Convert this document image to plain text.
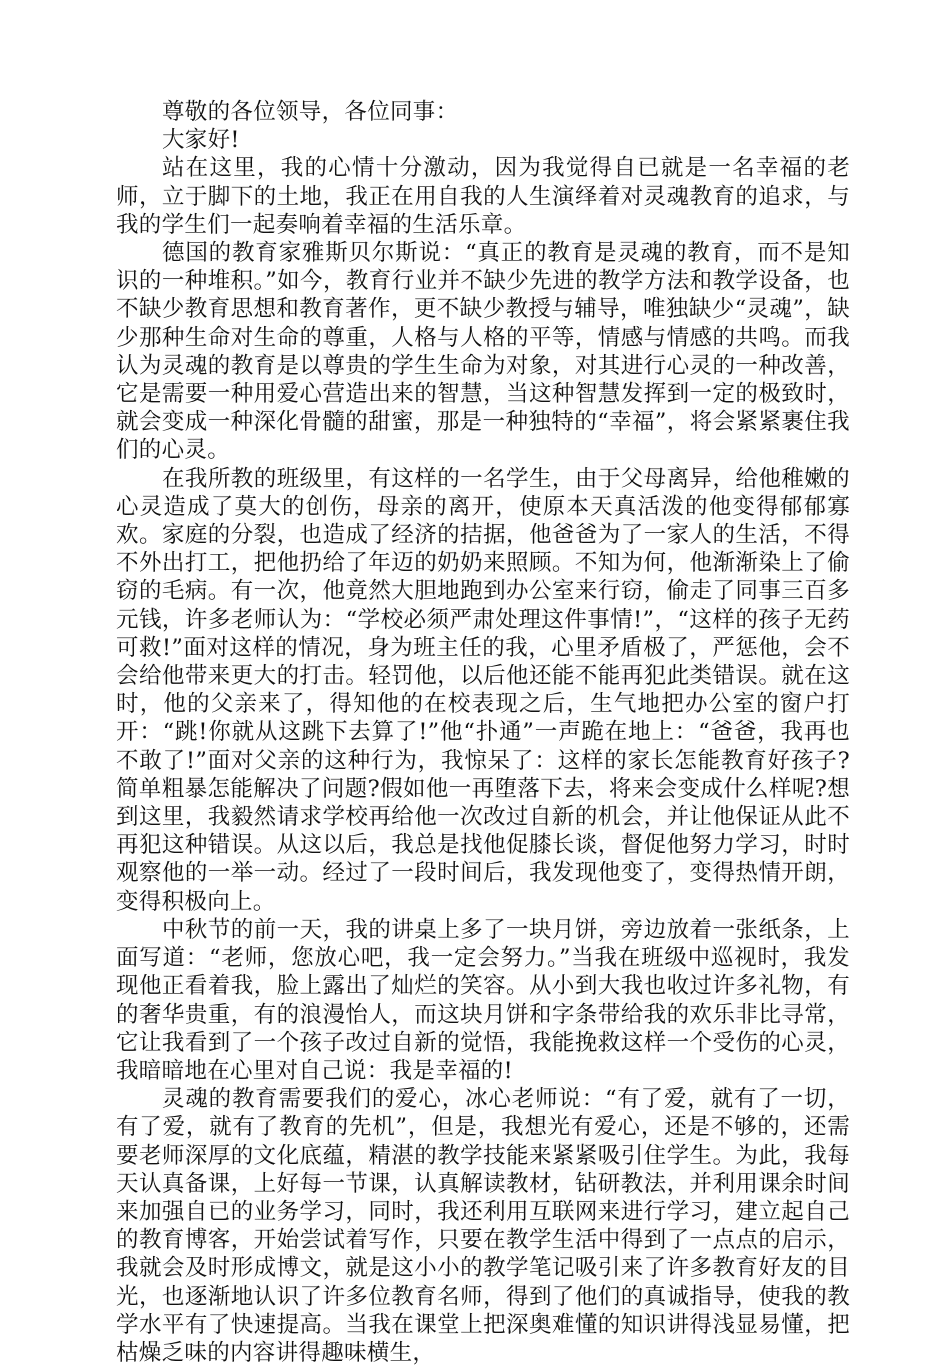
尊敬的各位领导，各位同事：

大家好!

站在这里，我的心情十分激动，因为我觉得自已就是一名幸福的老师，立于脚下的土地，我正在用自我的人生演绎着对灵魂教育的追求，与我的学生们一起奏响着幸福的生活乐章。

德国的教育家雅斯贝尔斯说：“真正的教育是灵魂的教育，而不是知识的一种堆积。”如今，教育行业并不缺少先进的教学方法和教学设备，也不缺少教育思想和教育著作，更不缺少教授与辅导，唯独缺少“灵魂”，缺少那种生命对生命的尊重，人格与人格的平等，情感与情感的共鸣。而我认为灵魂的教育是以尊贵的学生生命为对象，对其进行心灵的一种改善，它是需要一种用爱心营造出来的智慧，当这种智慧发挥到一定的极致时，就会变成一种深化骨髓的甜蜜，那是一种独特的“幸福”，将会紧紧裹住我们的心灵。

在我所教的班级里，有这样的一名学生，由于父母离异，给他稚嫩的心灵造成了莫大的创伤，母亲的离开，使原本天真活泼的他变得郁郁寡欢。家庭的分裂，也造成了经济的拮据，他爸爸为了一家人的生活，不得不外出打工，把他扔给了年迈的奶奶来照顾。不知为何，他渐渐染上了偷窃的毛病。有一次，他竟然大胆地跑到办公室来行窃，偷走了同事三百多元钱，许多老师认为：“学校必须严肃处理这件事情!”，“这样的孩子无药可救!”面对这样的情况，身为班主任的我，心里矛盾极了，严惩他，会不会给他带来更大的打击。轻罚他，以后他还能不能再犯此类错误。就在这时，他的父亲来了，得知他的在校表现之后，生气地把办公室的窗户打开：“跳!你就从这跳下去算了!”他“扑通”一声跪在地上：“爸爸，我再也不敢了!”面对父亲的这种行为，我惊呆了：这样的家长怎能教育好孩子?简单粗暴怎能解决了问题?假如他一再堕落下去，将来会变成什么样呢?想到这里，我毅然请求学校再给他一次改过自新的机会，并让他保证从此不再犯这种错误。从这以后，我总是找他促膝长谈，督促他努力学习，时时观察他的一举一动。经过了一段时间后，我发现他变了，变得热情开朗，变得积极向上。

中秋节的前一天，我的讲桌上多了一块月饼，旁边放着一张纸条，上面写道：“老师，您放心吧，我一定会努力。”当我在班级中巡视时，我发现他正看着我，脸上露出了灿烂的笑容。从小到大我也收过许多礼物，有的奢华贵重，有的浪漫怡人，而这块月饼和字条带给我的欢乐非比寻常，它让我看到了一个孩子改过自新的觉悟，我能挽救这样一个受伤的心灵，我暗暗地在心里对自己说：我是幸福的!

灵魂的教育需要我们的爱心，冰心老师说：“有了爱，就有了一切，有了爱，就有了教育的先机”，但是，我想光有爱心，还是不够的，还需要老师深厚的文化底蕴，精湛的教学技能来紧紧吸引住学生。为此，我每天认真备课，上好每一节课，认真解读教材，钻研教法，并利用课余时间来加强自已的业务学习，同时，我还利用互联网来进行学习，建立起自己的教育博客，开始尝试着写作，只要在教学生活中得到了一点点的启示，我就会及时形成博文，就是这小小的教学笔记吸引来了许多教育好友的目光，也逐渐地认识了许多位教育名师，得到了他们的真诚指导，使我的教学水平有了快速提高。当我在课堂上把深奥难懂的知识讲得浅显易懂，把枯燥乏味的内容讲得趣味横生，
